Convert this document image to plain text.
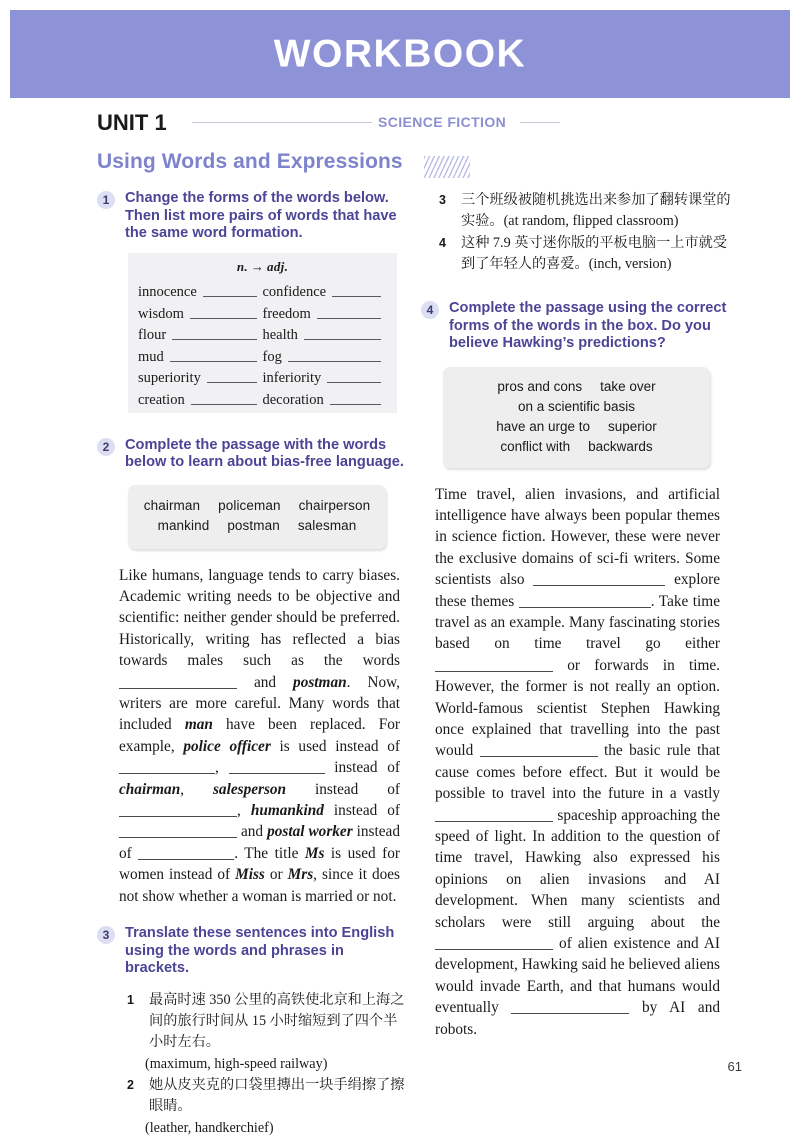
WORKBOOK
UNIT 1	SCIENCE FICTION
Using Words and Expressions
1	Change the forms of the words below. Then list more pairs of words that have the same word formation.
n. → adj.
innocence	confidence
wisdom	freedom
flour	health
mud	fog
superiority	inferiority
creation	decoration
2	Complete the passage with the words below to learn about bias-free language.
chairman policeman chairperson
mankind postman salesman
Like humans, language tends to carry biases. Academic writing needs to be objective and scientific: neither gender should be preferred. Historically, writing has reflected a bias towards males such as the words  and postman. Now, writers are more careful. Many words that included man have been replaced. For example, police officer is used instead of ,	instead of chairman, salesperson instead of , humankind instead of  and postal worker instead of	. The title Ms is used for women instead of Miss or Mrs, since it does not show whether a woman is married or not.
3	Translate these sentences into English using the words and phrases in brackets.
1 最高时速 350 公里的高铁使北京和上海之间的旅行时间从 15 小时缩短到了四个半小时左右。
(maximum, high-speed railway)
2 她从皮夹克的口袋里摶出一块手绢擦了擦眼睛。
(leather, handkerchief)
3 三个班级被随机挑选出来参加了翻转课堂的实验。(at random, flipped classroom)
4 这种 7.9 英寸迷你版的平板电脑一上市就受到了年轻人的喜爱。(inch, version)
4	Complete the passage using the correct forms of the words in the box. Do you believe Hawking’s predictions?
pros and cons take over
on a scientific basis
have an urge to superior
conflict with backwards
Time travel, alien invasions, and artificial intelligence have always been popular themes in science fiction. However, these were never the exclusive domains of sci-fi writers. Some scientists also	explore these themes	. Take time travel as an example. Many fascinating stories based on time travel go either  or forwards in time. However, the former is not really an option. World-famous scientist Stephen Hawking once explained that travelling into the past would	the basic rule that cause comes before effect. But it would be possible to travel into the future in a vastly  spaceship approaching the speed of light. In addition to the question of time travel, Hawking also expressed his opinions on alien invasions and AI development. When many scientists and scholars were still arguing about the  of alien existence and AI development, Hawking said he believed aliens would invade Earth, and that humans would eventually	by AI and robots.
61
